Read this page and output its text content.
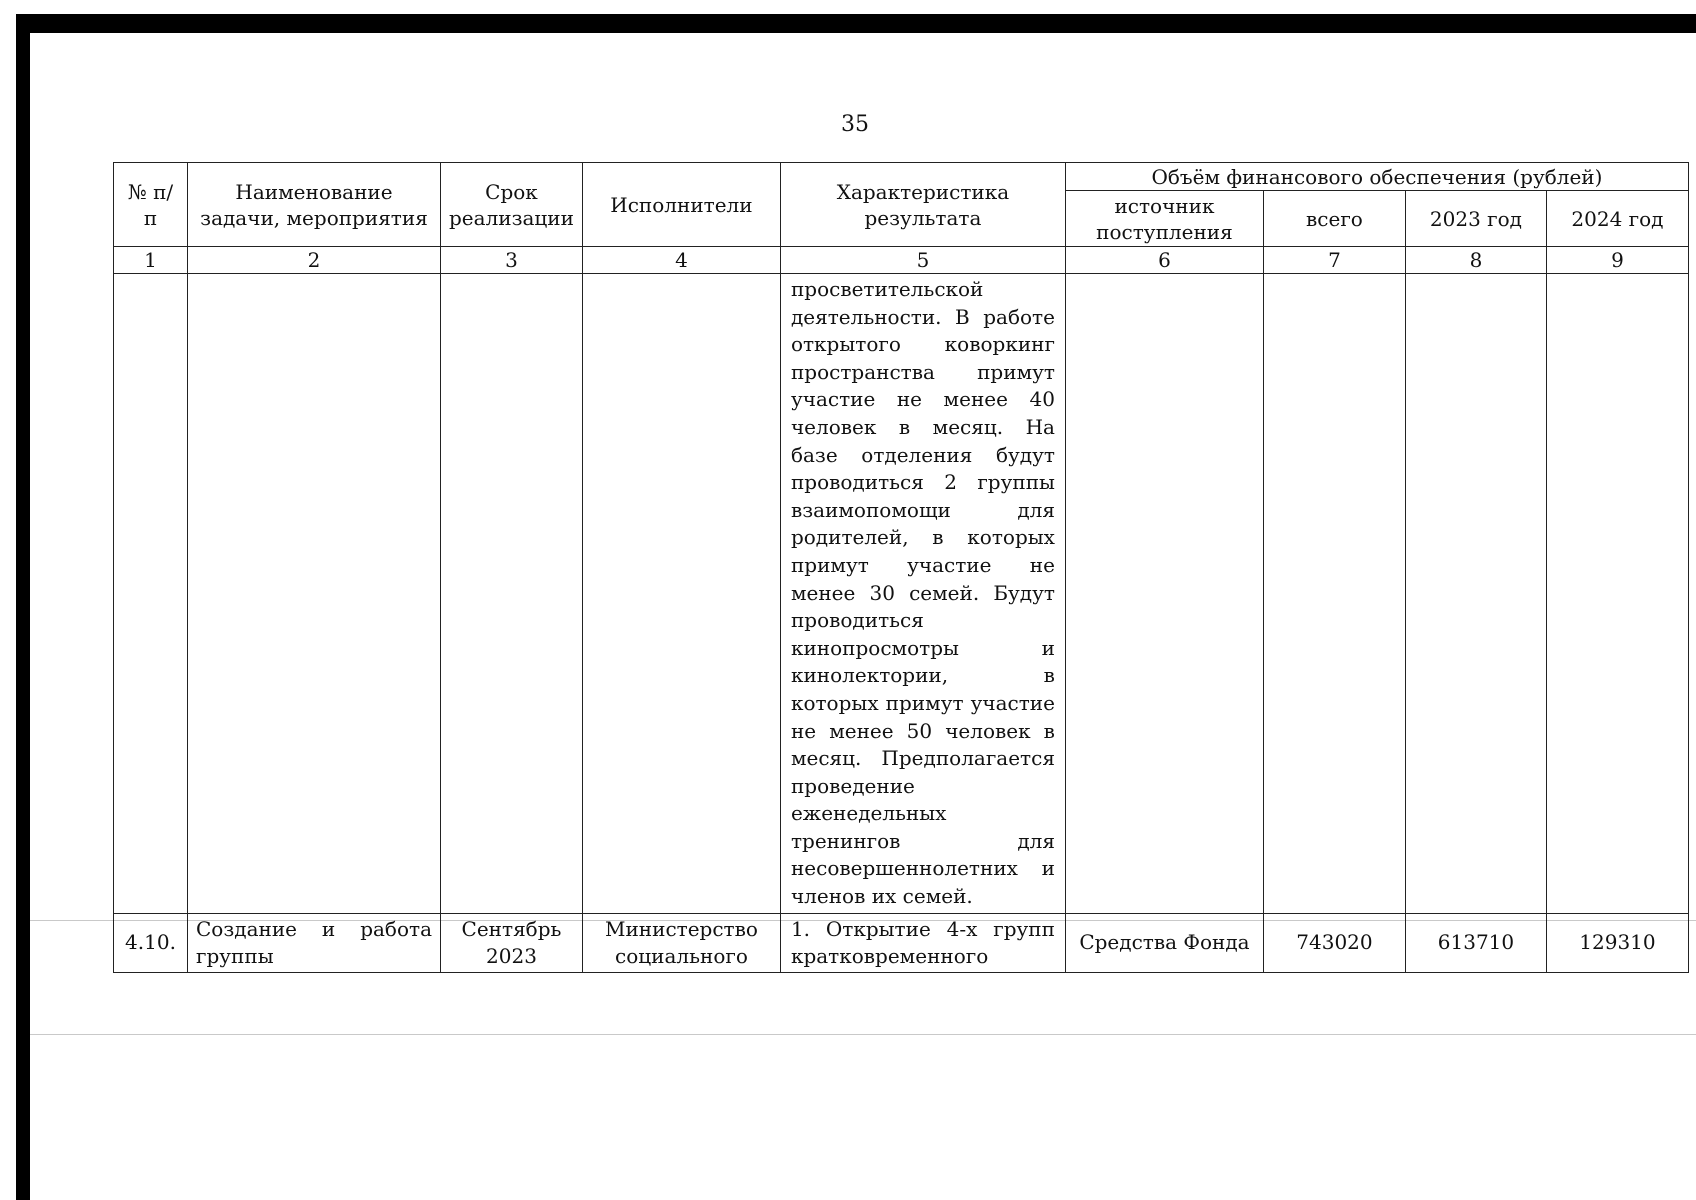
35
№ п/п	Наименование задачи, мероприятия	Срок реализации	Исполнители	Характеристика результата	Объём финансового обеспечения (рублей)			
					источник поступления	всего	2023 год	2024 год
1	2	3	4	5	6	7	8	9
				просветительской деятельности. В работе открытого коворкинг пространства примут участие не менее 40 человек в месяц. На базе отделения будут проводиться 2 группы взаимопомощи для родителей, в которых примут участие не менее 30 семей. Будут проводиться кинопросмотры и кинолектории, в которых примут участие не менее 50 человек в месяц. Предполагается проведение еженедельных тренингов для несовершеннолетних и членов их семей.				
4.10.	Создание и работа группы	Сентябрь 2023	Министерство социального	1. Открытие 4-х групп кратковременного	Средства Фонда	743020	613710	129310
